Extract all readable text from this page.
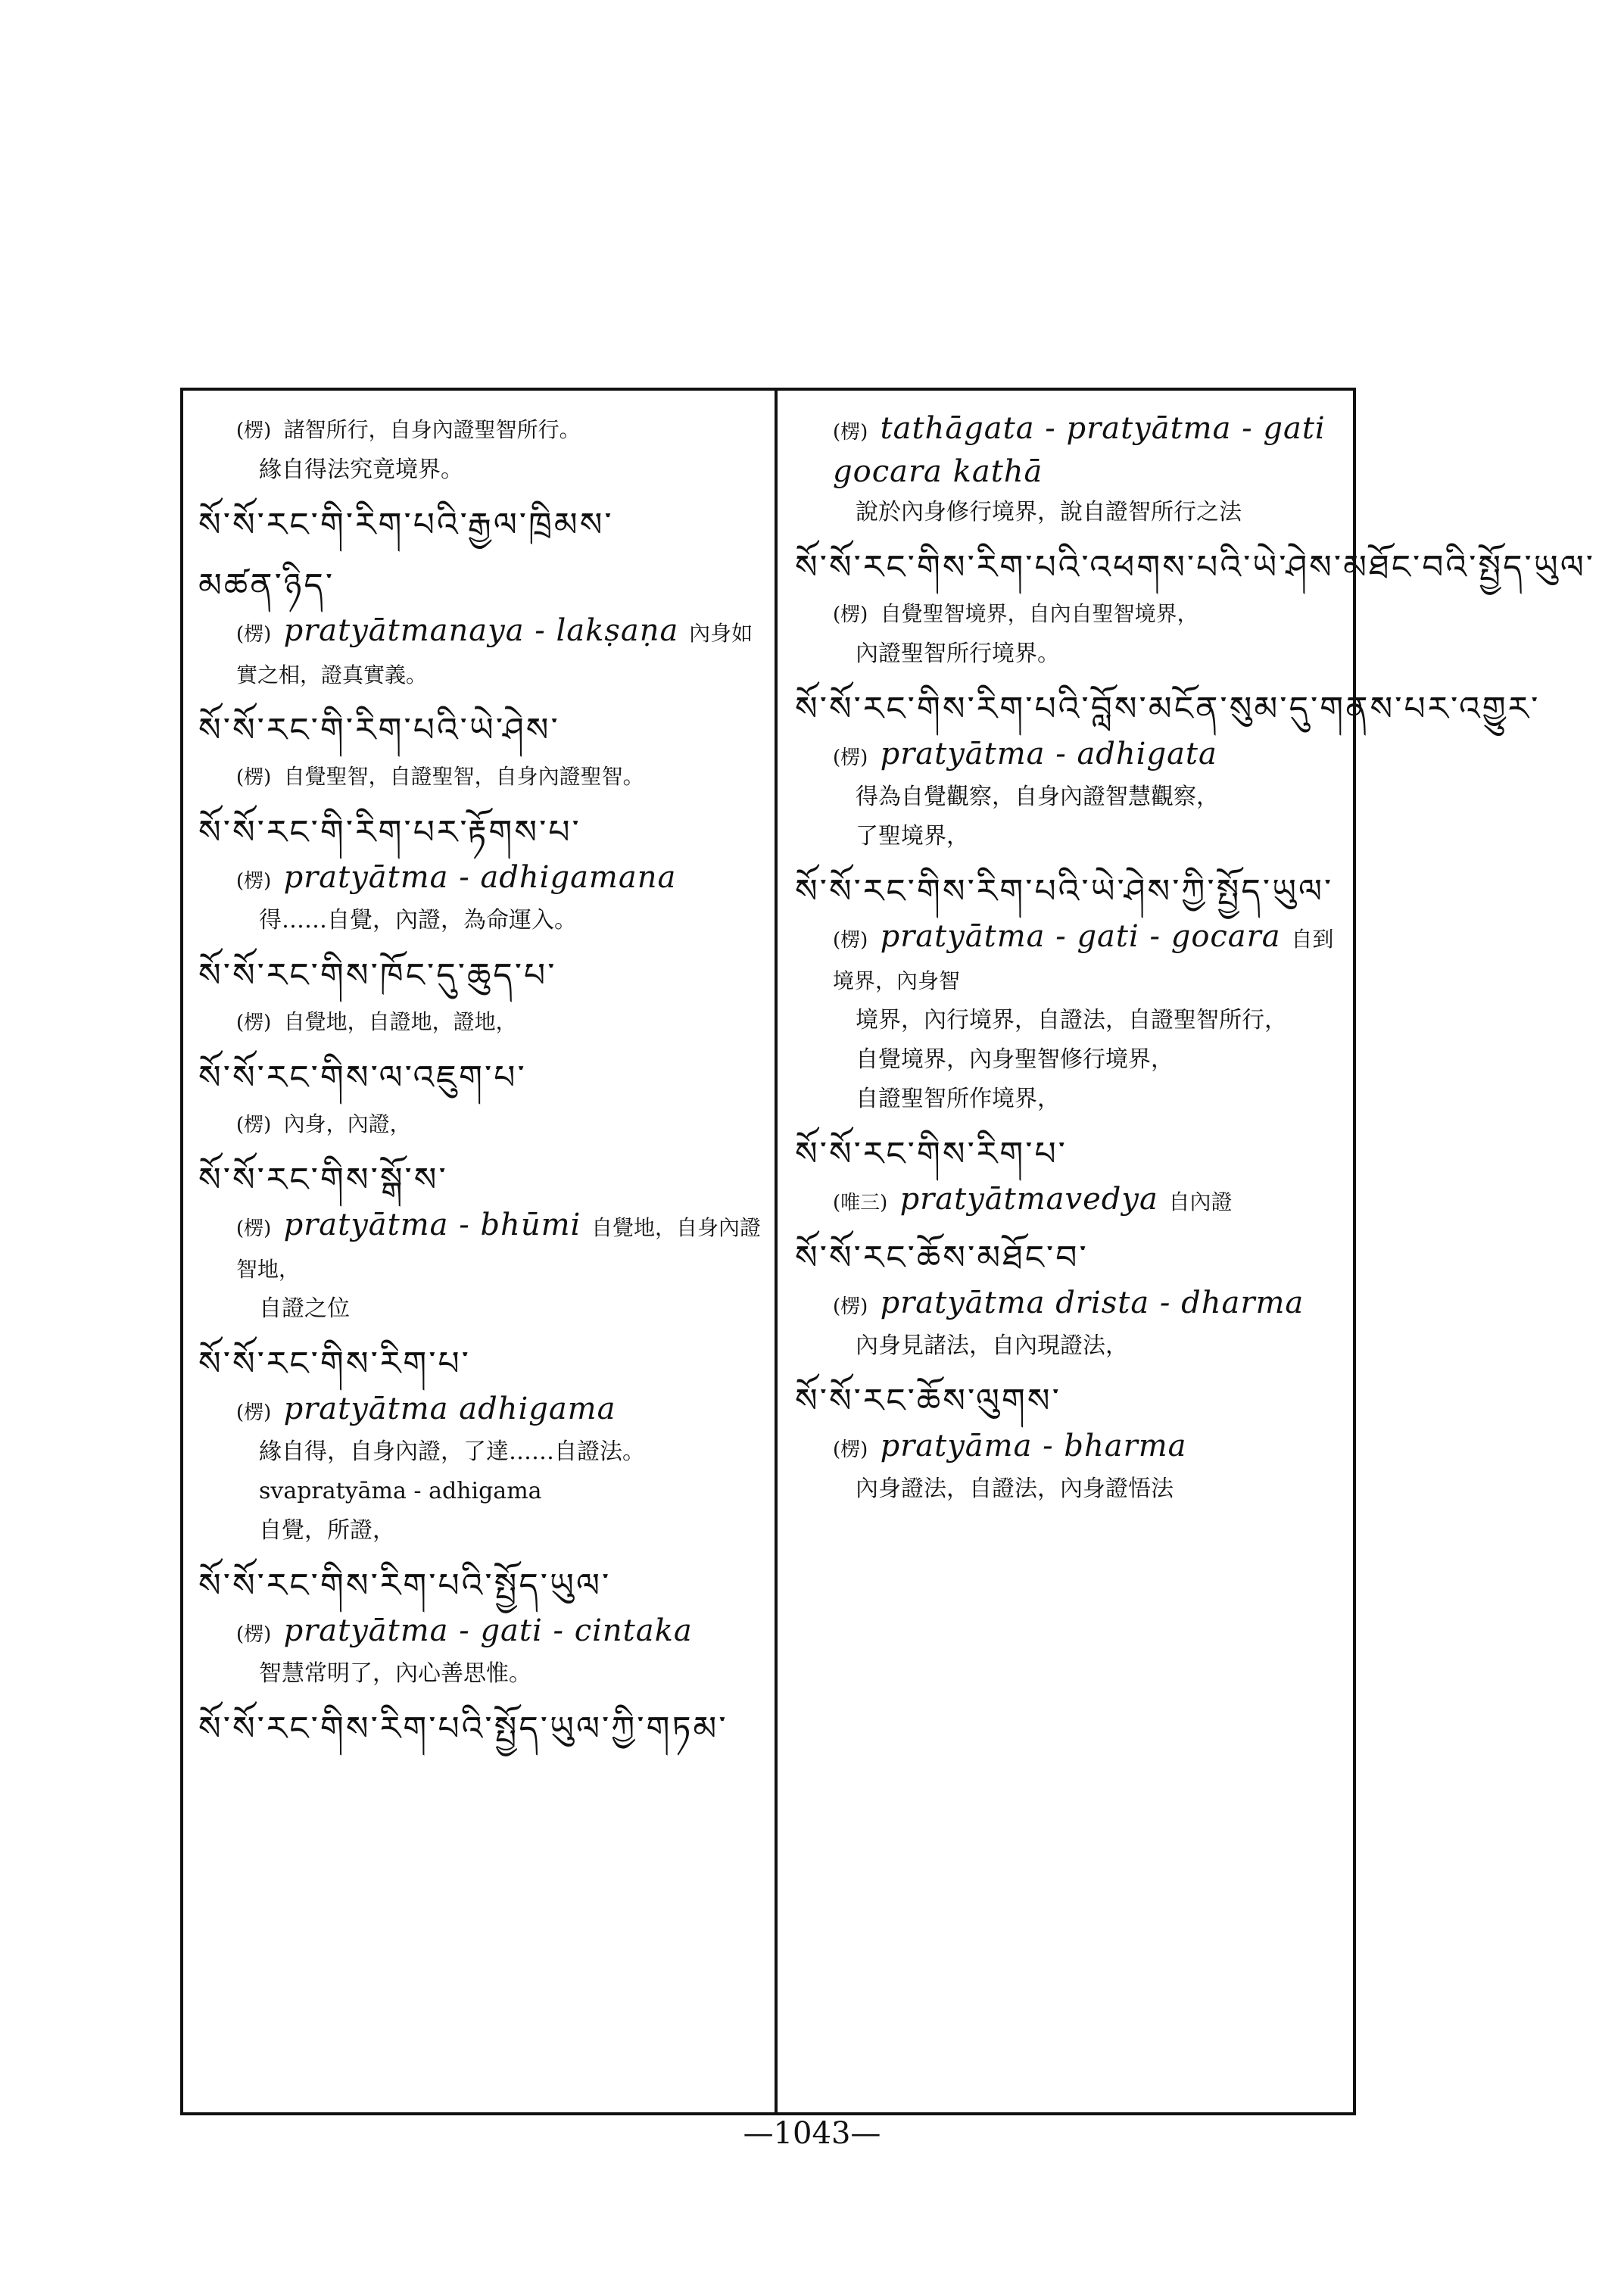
(楞) 諸智所行，自身內證聖智所行。
緣自得法究竟境界。
སོ་སོ་རང་གི་རིག་པའི་རྒྱལ་ཁྲིམས་
མཚན་ཉིད་
(楞) pratyātmanaya - lakṣaṇa 內身如實之相，證真實義。
སོ་སོ་རང་གི་རིག་པའི་ཡེ་ཤེས་
(楞) 自覺聖智，自證聖智，自身內證聖智。
སོ་སོ་རང་གི་རིག་པར་རྟོགས་པ་
(楞) pratyātma - adhigamana
得……自覺，內證，為命運入。
སོ་སོ་རང་གིས་ཁོང་དུ་ཆུད་པ་
(楞) 自覺地，自證地，證地，
སོ་སོ་རང་གིས་ལ་འཇུག་པ་
(楞) 內身，內證，
སོ་སོ་རང་གིས་སྒོ་ས་
(楞) pratyātma - bhūmi 自覺地，自身內證智地，
自證之位
སོ་སོ་རང་གིས་རིག་པ་
(楞) pratyātma adhigama
緣自得，自身內證，了達……自證法。
svapratyāma - adhigama
自覺，所證，
སོ་སོ་རང་གིས་རིག་པའི་སྤྱོད་ཡུལ་
(楞) pratyātma - gati - cintaka
智慧常明了，內心善思惟。
སོ་སོ་རང་གིས་རིག་པའི་སྤྱོད་ཡུལ་ཀྱི་གཏམ་
(楞) tathāgata - pratyātma - gati gocara kathā
說於內身修行境界，說自證智所行之法
སོ་སོ་རང་གིས་རིག་པའི་འཕགས་པའི་ཡེ་ཤེས་མཐོང་བའི་སྤྱོད་ཡུལ་
(楞) 自覺聖智境界，自內自聖智境界，
內證聖智所行境界。
སོ་སོ་རང་གིས་རིག་པའི་བློས་མངོན་སུམ་དུ་གནས་པར་འགྱུར་
(楞) pratyātma - adhigata
得為自覺觀察，自身內證智慧觀察，
了聖境界，
སོ་སོ་རང་གིས་རིག་པའི་ཡེ་ཤེས་ཀྱི་སྤྱོད་ཡུལ་
(楞) pratyātma - gati - gocara 自到境界，內身智
境界，內行境界，自證法，自證聖智所行，
自覺境界，內身聖智修行境界，
自證聖智所作境界，
སོ་སོ་རང་གིས་རིག་པ་
(唯三) pratyātmavedya 自內證
སོ་སོ་རང་ཆོས་མཐོང་བ་
(楞) pratyātma drista - dharma
內身見諸法，自內現證法，
སོ་སོ་རང་ཆོས་ལུགས་
(楞) pratyāma - bharma
內身證法，自證法，內身證悟法
—1043—
